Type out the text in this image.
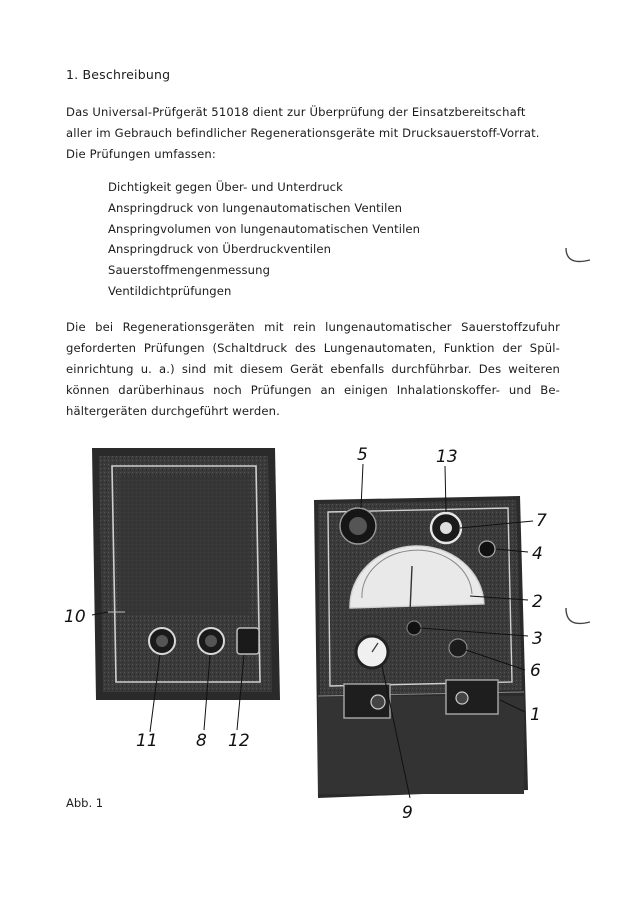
1. Beschreibung
Das Universal-Prüfgerät 51018 dient zur Überprüfung der Einsatzbereitschaft
aller im Gebrauch befindlicher Regenerationsgeräte mit Drucksauerstoff-Vorrat.
Die Prüfungen umfassen:
Dichtigkeit gegen Über- und Unterdruck
Anspringdruck von lungenautomatischen Ventilen
Anspringvolumen von lungenautomatischen Ventilen
Anspringdruck von Überdruckventilen
Sauerstoffmengenmessung
Ventildichtprüfungen
Die bei Regenerationsgeräten mit rein lungenautomatischer Sauerstoffzufuhr
geforderten Prüfungen (Schaltdruck des Lungenautomaten, Funktion der Spül-
einrichtung u. a.) sind mit diesem Gerät ebenfalls durchführbar. Des weiteren
können darüberhinaus noch Prüfungen an einigen Inhalationskoffer- und Be-
hältergeräten durchgeführt werden.
5	13
7
4
2
3
6
1
9
10
11 8 12
Abb. 1
